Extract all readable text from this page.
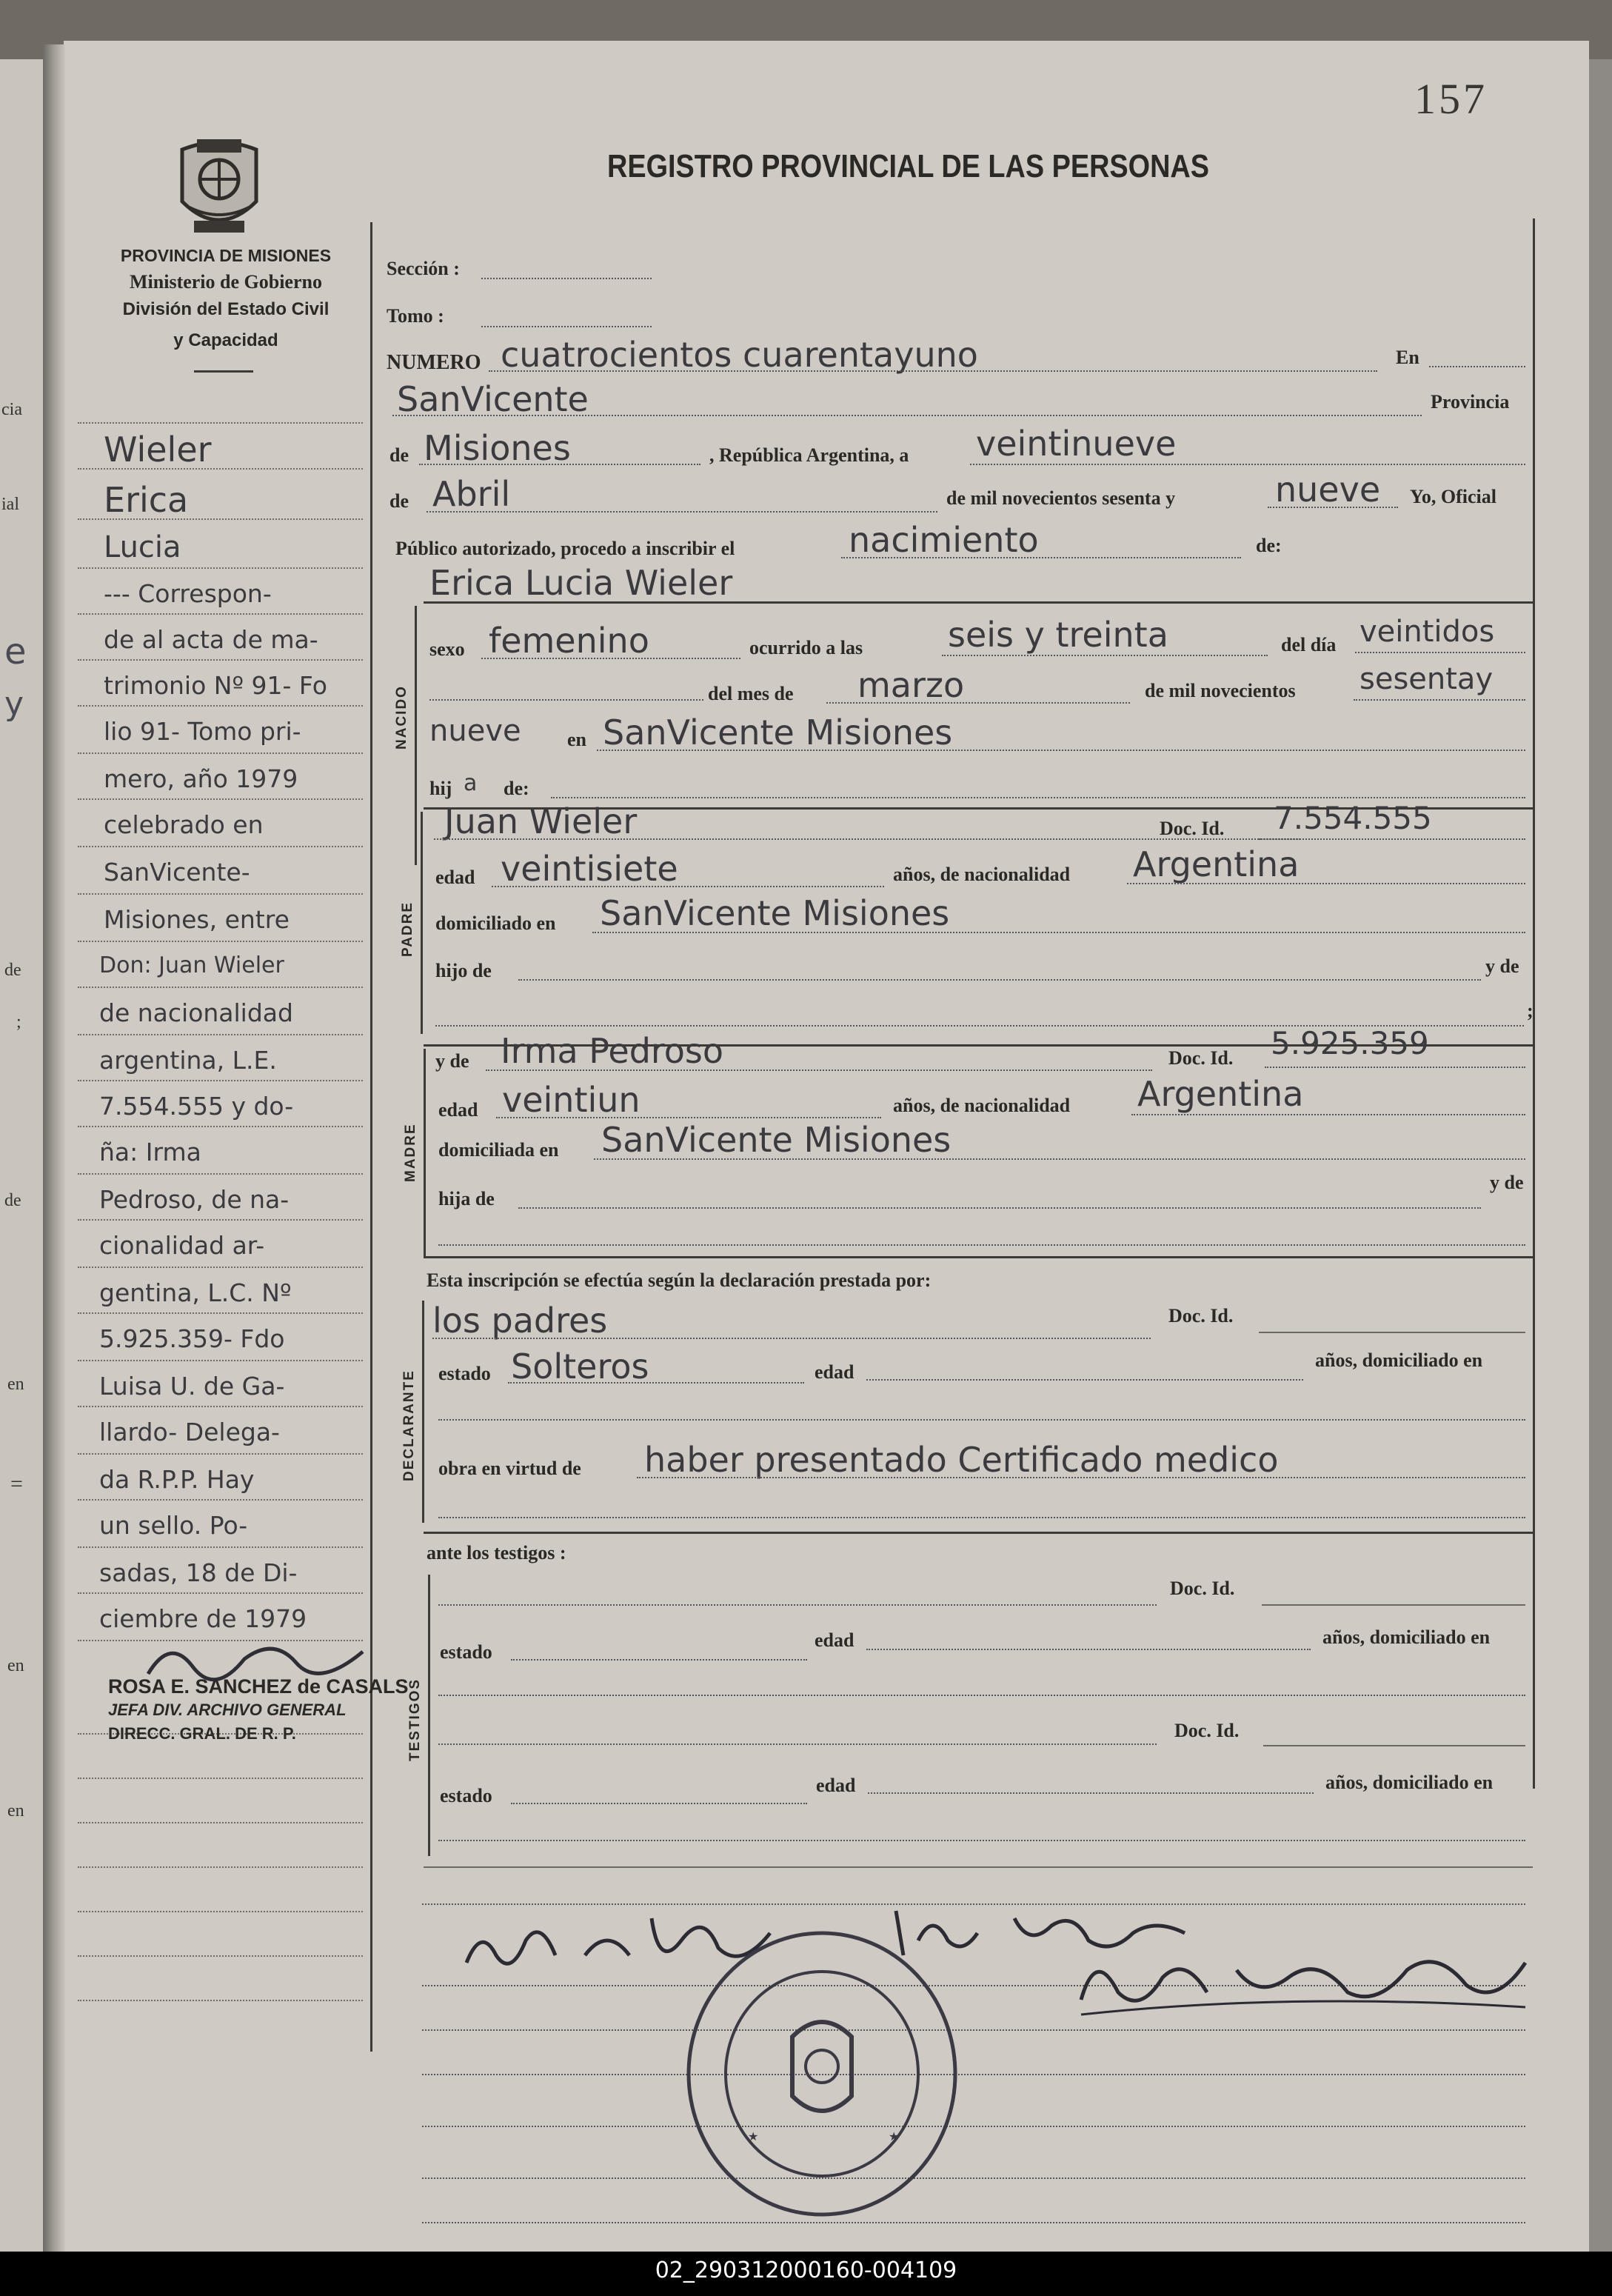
cia
ial
e
y
de
;
de
en
=
en
en
157
REGISTRO PROVINCIAL DE LAS PERSONAS
PROVINCIA DE MISIONES
Ministerio de Gobierno
División del Estado Civil
y Capacidad
Wieler
Erica
Lucia
--- Correspon-
de al acta de ma-
trimonio Nº 91- Fo
lio 91- Tomo pri-
mero, año 1979
celebrado en
SanVicente-
Misiones, entre
Don: Juan Wieler
de nacionalidad
argentina, L.E.
7.554.555 y do-
ña: Irma
Pedroso, de na-
cionalidad ar-
gentina, L.C. Nº
5.925.359- Fdo
Luisa U. de Ga-
llardo- Delega-
da R.P.P. Hay
un sello. Po-
sadas, 18 de Di-
ciembre de 1979
ROSA E. SANCHEZ de CASALS
JEFA DIV. ARCHIVO GENERAL
DIRECC. GRAL. DE R. P.
Sección :
Tomo :
NUMERO cuatrocientos cuarentayuno	En
SanVicente	Provincia
de Misiones	, República Argentina, a veintinueve
de Abril	de mil novecientos sesenta y	nueve Yo, Oficial
Público autorizado, procedo a inscribir el	nacimiento	de:
NACIDO
Erica Lucia Wieler
sexo femenino	ocurrido a las seis y treinta	del día veintidos
del mes de marzo	de mil novecientos sesentay
nueve en SanVicente Misiones
hij a de:
PADRE
Juan Wieler	Doc. Id. 7.554.555
edad veintisiete	años, de nacionalidad Argentina
domiciliado en SanVicente Misiones
hijo de	y de
;
MADRE
y de Irma Pedroso	Doc. Id. 5.925.359
edad veintiun	años, de nacionalidad Argentina
domiciliada en SanVicente Misiones
hija de
y de
Esta inscripción se efectúa según la declaración prestada por:
DECLARANTE
los padres	Doc. Id.
estado Solteros	edad
años, domiciliado en
obra en virtud de haber presentado Certificado medico
ante los testigos :
TESTIGOS
Doc. Id.
estado
edad	años, domiciliado en
Doc. Id.
estado	edad	años, domiciliado en
★	★
02_290312000160-004109
